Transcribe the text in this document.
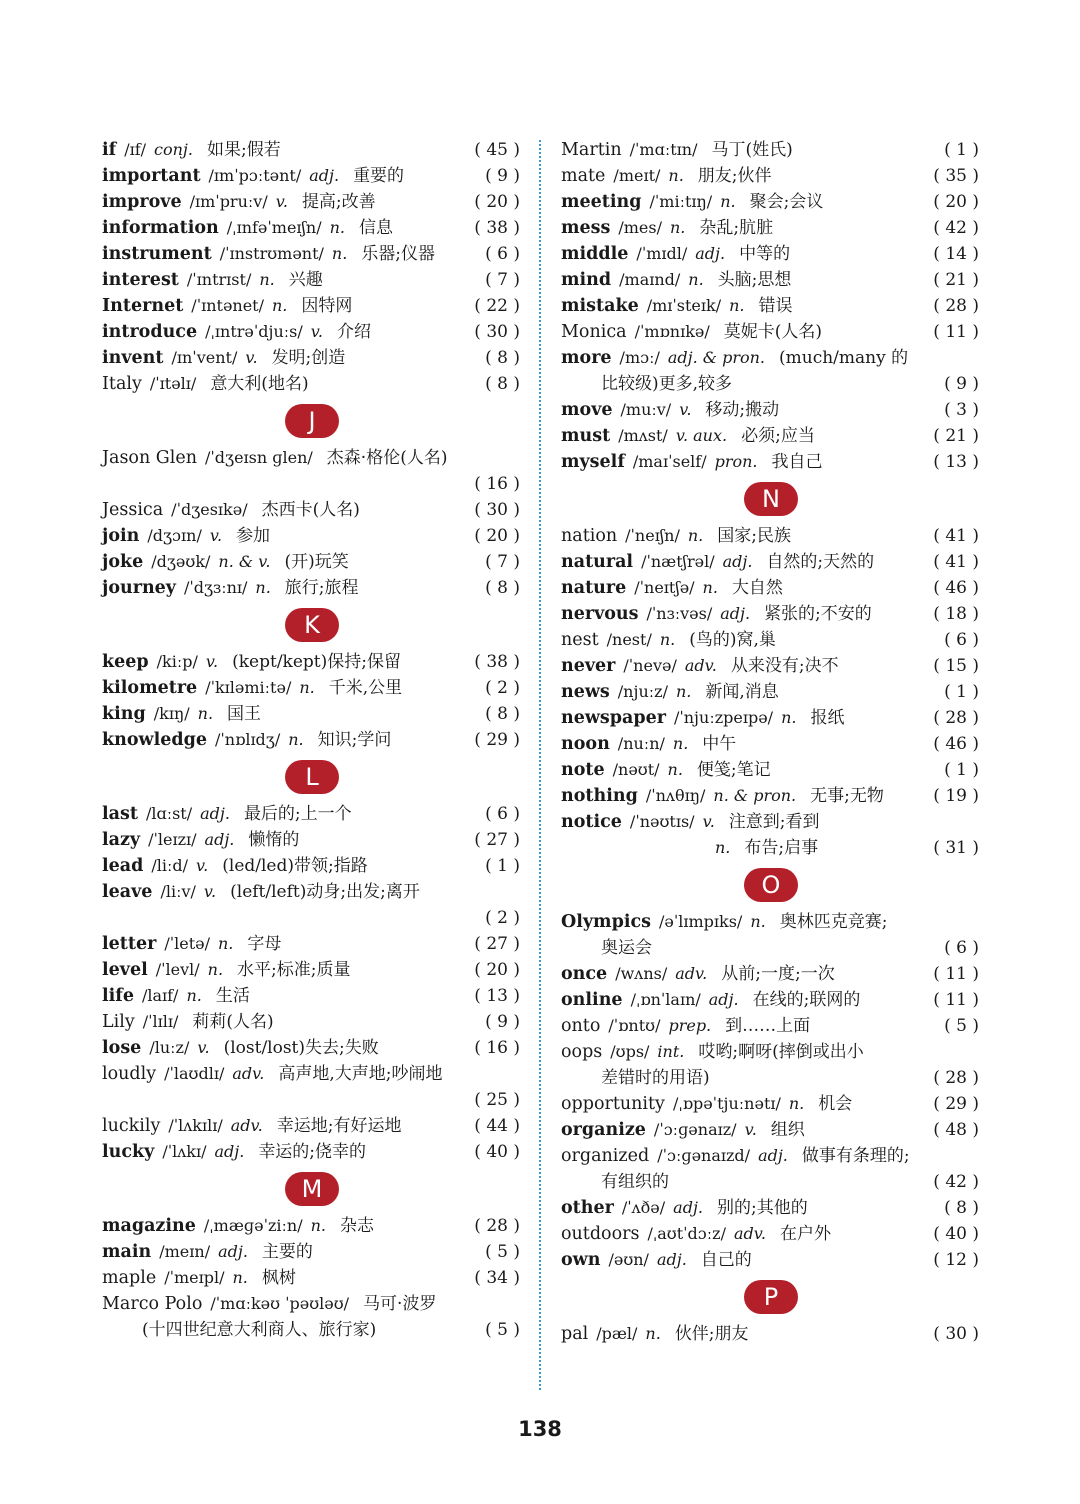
if /ɪf/ conj. 如果;假若	( 45 )
important /ɪmˈpɔːtənt/ adj. 重要的	( 9 )
improve /ɪmˈpruːv/ v. 提高;改善	( 20 )
information /ˌɪnfəˈmeɪʃn/ n. 信息	( 38 )
instrument /ˈɪnstrʊmənt/ n. 乐器;仪器	( 6 )
interest /ˈɪntrɪst/ n. 兴趣	( 7 )
Internet /ˈɪntənet/ n. 因特网	( 22 )
introduce /ˌɪntrəˈdjuːs/ v. 介绍	( 30 )
invent /ɪnˈvent/ v. 发明;创造	( 8 )
Italy /ˈɪtəlɪ/ 意大利(地名)	( 8 )
J
Jason Glen /ˈdʒeɪsn ɡlen/ 杰森·格伦(人名)
( 16 )
Jessica /ˈdʒesɪkə/ 杰西卡(人名)	( 30 )
join /dʒɔɪn/ v. 参加	( 20 )
joke /dʒəʊk/ n. & v. (开)玩笑	( 7 )
journey /ˈdʒɜːnɪ/ n. 旅行;旅程	( 8 )
K
keep /kiːp/ v. (kept/kept)保持;保留	( 38 )
kilometre /ˈkɪləmiːtə/ n. 千米,公里	( 2 )
king /kɪŋ/ n. 国王	( 8 )
knowledge /ˈnɒlɪdʒ/ n. 知识;学问	( 29 )
L
last /lɑːst/ adj. 最后的;上一个	( 6 )
lazy /ˈleɪzɪ/ adj. 懒惰的	( 27 )
lead /liːd/ v. (led/led)带领;指路	( 1 )
leave /liːv/ v. (left/left)动身;出发;离开
( 2 )
letter /ˈletə/ n. 字母	( 27 )
level /ˈlevl/ n. 水平;标准;质量	( 20 )
life /laɪf/ n. 生活	( 13 )
Lily /ˈlɪlɪ/ 莉莉(人名)	( 9 )
lose /luːz/ v. (lost/lost)失去;失败	( 16 )
loudly /ˈlaʊdlɪ/ adv. 高声地,大声地;吵闹地
( 25 )
luckily /ˈlʌkɪlɪ/ adv. 幸运地;有好运地	( 44 )
lucky /ˈlʌkɪ/ adj. 幸运的;侥幸的	( 40 )
M
magazine /ˌmæɡəˈziːn/ n. 杂志	( 28 )
main /meɪn/ adj. 主要的	( 5 )
maple /ˈmeɪpl/ n. 枫树	( 34 )
Marco Polo /ˈmɑːkəʊ ˈpəʊləʊ/ 马可·波罗
(十四世纪意大利商人、旅行家)	( 5 )
Martin /ˈmɑːtɪn/ 马丁(姓氏)	( 1 )
mate /meɪt/ n. 朋友;伙伴	( 35 )
meeting /ˈmiːtɪŋ/ n. 聚会;会议	( 20 )
mess /mes/ n. 杂乱;肮脏	( 42 )
middle /ˈmɪdl/ adj. 中等的	( 14 )
mind /maɪnd/ n. 头脑;思想	( 21 )
mistake /mɪˈsteɪk/ n. 错误	( 28 )
Monica /ˈmɒnɪkə/ 莫妮卡(人名)	( 11 )
more /mɔː/ adj. & pron. (much/many 的
比较级)更多,较多	( 9 )
move /muːv/ v. 移动;搬动	( 3 )
must /mʌst/ v. aux. 必须;应当	( 21 )
myself /maɪˈself/ pron. 我自己	( 13 )
N
nation /ˈneɪʃn/ n. 国家;民族	( 41 )
natural /ˈnætʃrəl/ adj. 自然的;天然的	( 41 )
nature /ˈneɪtʃə/ n. 大自然	( 46 )
nervous /ˈnɜːvəs/ adj. 紧张的;不安的	( 18 )
nest /nest/ n. (鸟的)窝,巢	( 6 )
never /ˈnevə/ adv. 从来没有;决不	( 15 )
news /njuːz/ n. 新闻,消息	( 1 )
newspaper /ˈnjuːzpeɪpə/ n. 报纸	( 28 )
noon /nuːn/ n. 中午	( 46 )
note /nəʊt/ n. 便笺;笔记	( 1 )
nothing /ˈnʌθɪŋ/ n. & pron. 无事;无物	( 19 )
notice /ˈnəʊtɪs/ v. 注意到;看到
n. 布告;启事	( 31 )
O
Olympics /əˈlɪmpɪks/ n. 奥林匹克竞赛;
奥运会	( 6 )
once /wʌns/ adv. 从前;一度;一次	( 11 )
online /ˌɒnˈlaɪn/ adj. 在线的;联网的	( 11 )
onto /ˈɒntʊ/ prep. 到……上面	( 5 )
oops /ʊps/ int. 哎哟;啊呀(摔倒或出小
差错时的用语)	( 28 )
opportunity /ˌɒpəˈtjuːnətɪ/ n. 机会	( 29 )
organize /ˈɔːɡənaɪz/ v. 组织	( 48 )
organized /ˈɔːɡənaɪzd/ adj. 做事有条理的;
有组织的	( 42 )
other /ˈʌðə/ adj. 别的;其他的	( 8 )
outdoors /ˌaʊtˈdɔːz/ adv. 在户外	( 40 )
own /əʊn/ adj. 自己的	( 12 )
P
pal /pæl/ n. 伙伴;朋友	( 30 )
138
